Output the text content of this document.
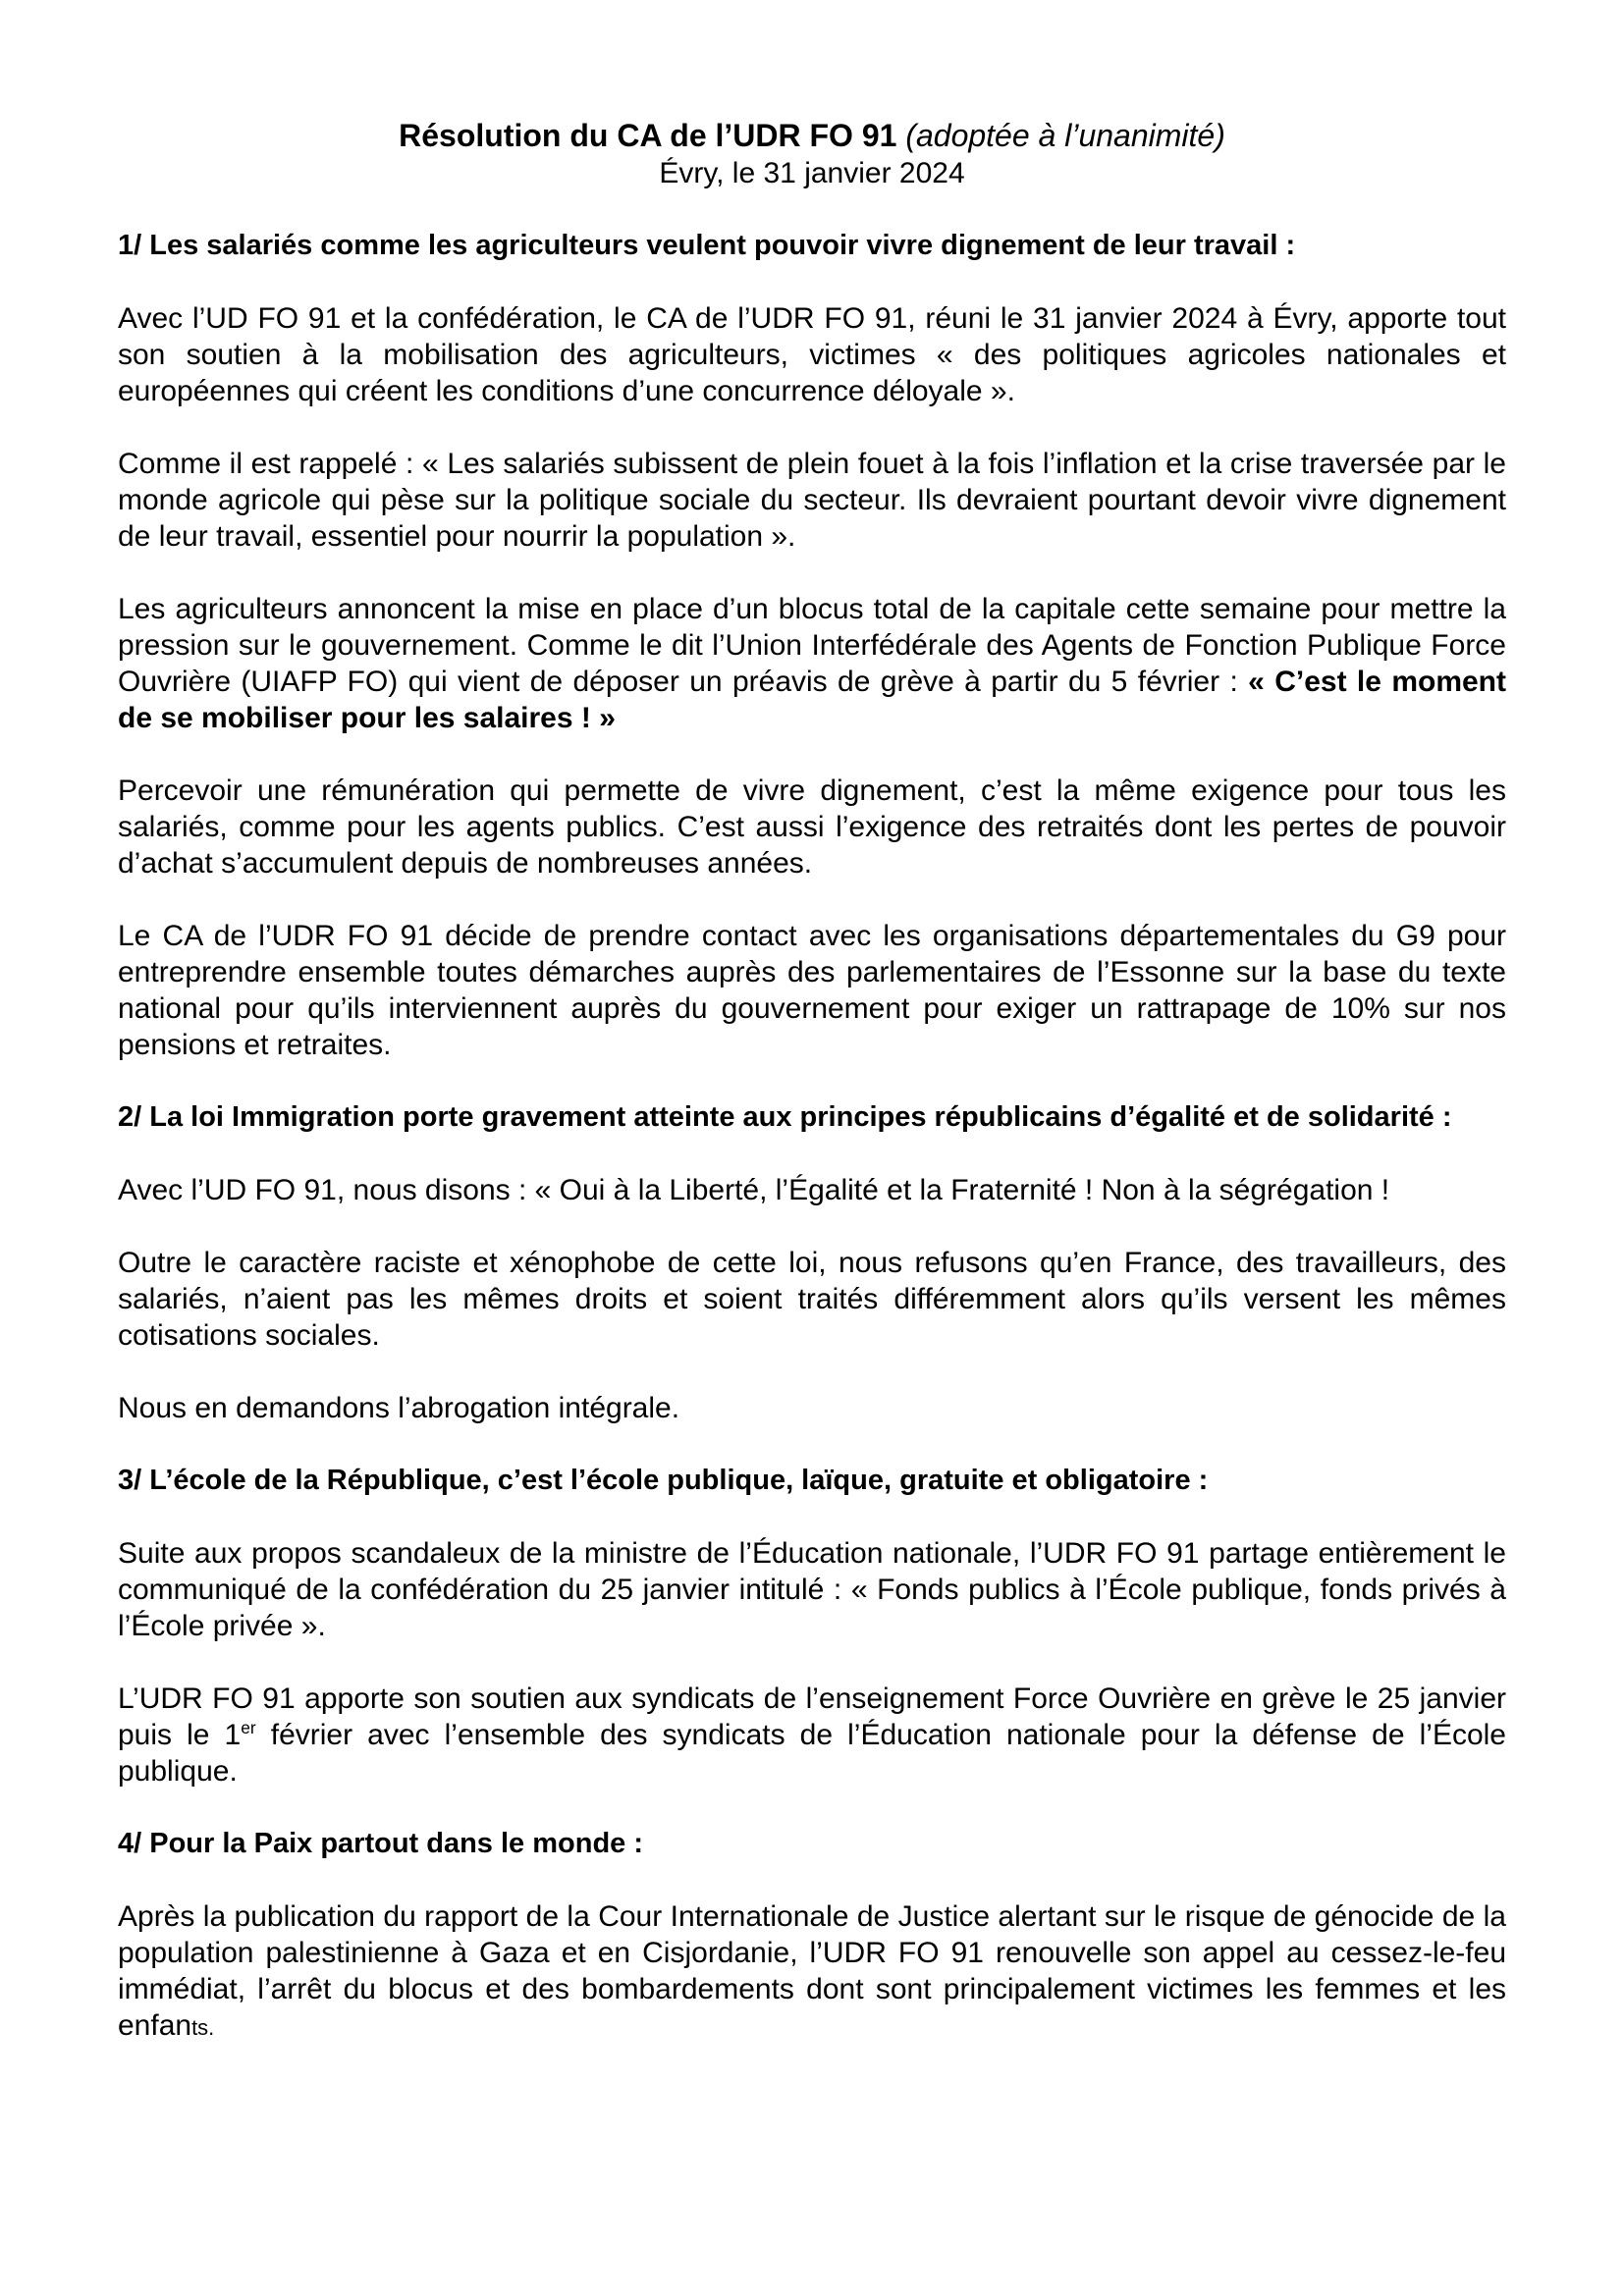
Résolution du CA de l’UDR FO 91 (adoptée à l’unanimité)
Évry, le 31 janvier 2024
1/ Les salariés comme les agriculteurs veulent pouvoir vivre dignement de leur travail :

Avec l’UD FO 91 et la confédération, le CA de l’UDR FO 91, réuni le 31 janvier 2024 à Évry, apporte tout son soutien à la mobilisation des agriculteurs, victimes « des politiques agricoles nationales et européennes qui créent les conditions d’une concurrence déloyale ».

Comme il est rappelé : « Les salariés subissent de plein fouet à la fois l’inflation et la crise traversée par le monde agricole qui pèse sur la politique sociale du secteur. Ils devraient pourtant devoir vivre dignement de leur travail, essentiel pour nourrir la population ».

Les agriculteurs annoncent la mise en place d’un blocus total de la capitale cette semaine pour mettre la pression sur le gouvernement. Comme le dit l’Union Interfédérale des Agents de Fonction Publique Force Ouvrière (UIAFP FO) qui vient de déposer un préavis de grève à partir du 5 février : « C’est le moment de se mobiliser pour les salaires ! »

Percevoir une rémunération qui permette de vivre dignement, c’est la même exigence pour tous les salariés, comme pour les agents publics. C’est aussi l’exigence des retraités dont les pertes de pouvoir d’achat s’accumulent depuis de nombreuses années.

Le CA de l’UDR FO 91 décide de prendre contact avec les organisations départementales du G9 pour entreprendre ensemble toutes démarches auprès des parlementaires de l’Essonne sur la base du texte national pour qu’ils interviennent auprès du gouvernement pour exiger un rattrapage de 10% sur nos pensions et retraites.

2/ La loi Immigration porte gravement atteinte aux principes républicains d’égalité et de solidarité :

Avec l’UD FO 91, nous disons : « Oui à la Liberté, l’Égalité et la Fraternité ! Non à la ségrégation !

Outre le caractère raciste et xénophobe de cette loi, nous refusons qu’en France, des travailleurs, des salariés, n’aient pas les mêmes droits et soient traités différemment alors qu’ils versent les mêmes cotisations sociales.

Nous en demandons l’abrogation intégrale.

3/ L’école de la République, c’est l’école publique, laïque, gratuite et obligatoire :

Suite aux propos scandaleux de la ministre de l’Éducation nationale, l’UDR FO 91 partage entièrement le communiqué de la confédération du 25 janvier intitulé : « Fonds publics à l’École publique, fonds privés à l’École privée ».

L’UDR FO 91 apporte son soutien aux syndicats de l’enseignement Force Ouvrière en grève le 25 janvier puis le 1er février avec l’ensemble des syndicats de l’Éducation nationale pour la défense de l’École publique.

4/ Pour la Paix partout dans le monde :

Après la publication du rapport de la Cour Internationale de Justice alertant sur le risque de génocide de la population palestinienne à Gaza et en Cisjordanie, l’UDR FO 91 renouvelle son appel au cessez-le-feu immédiat, l’arrêt du blocus et des bombardements dont sont principalement victimes les femmes et les enfants.
